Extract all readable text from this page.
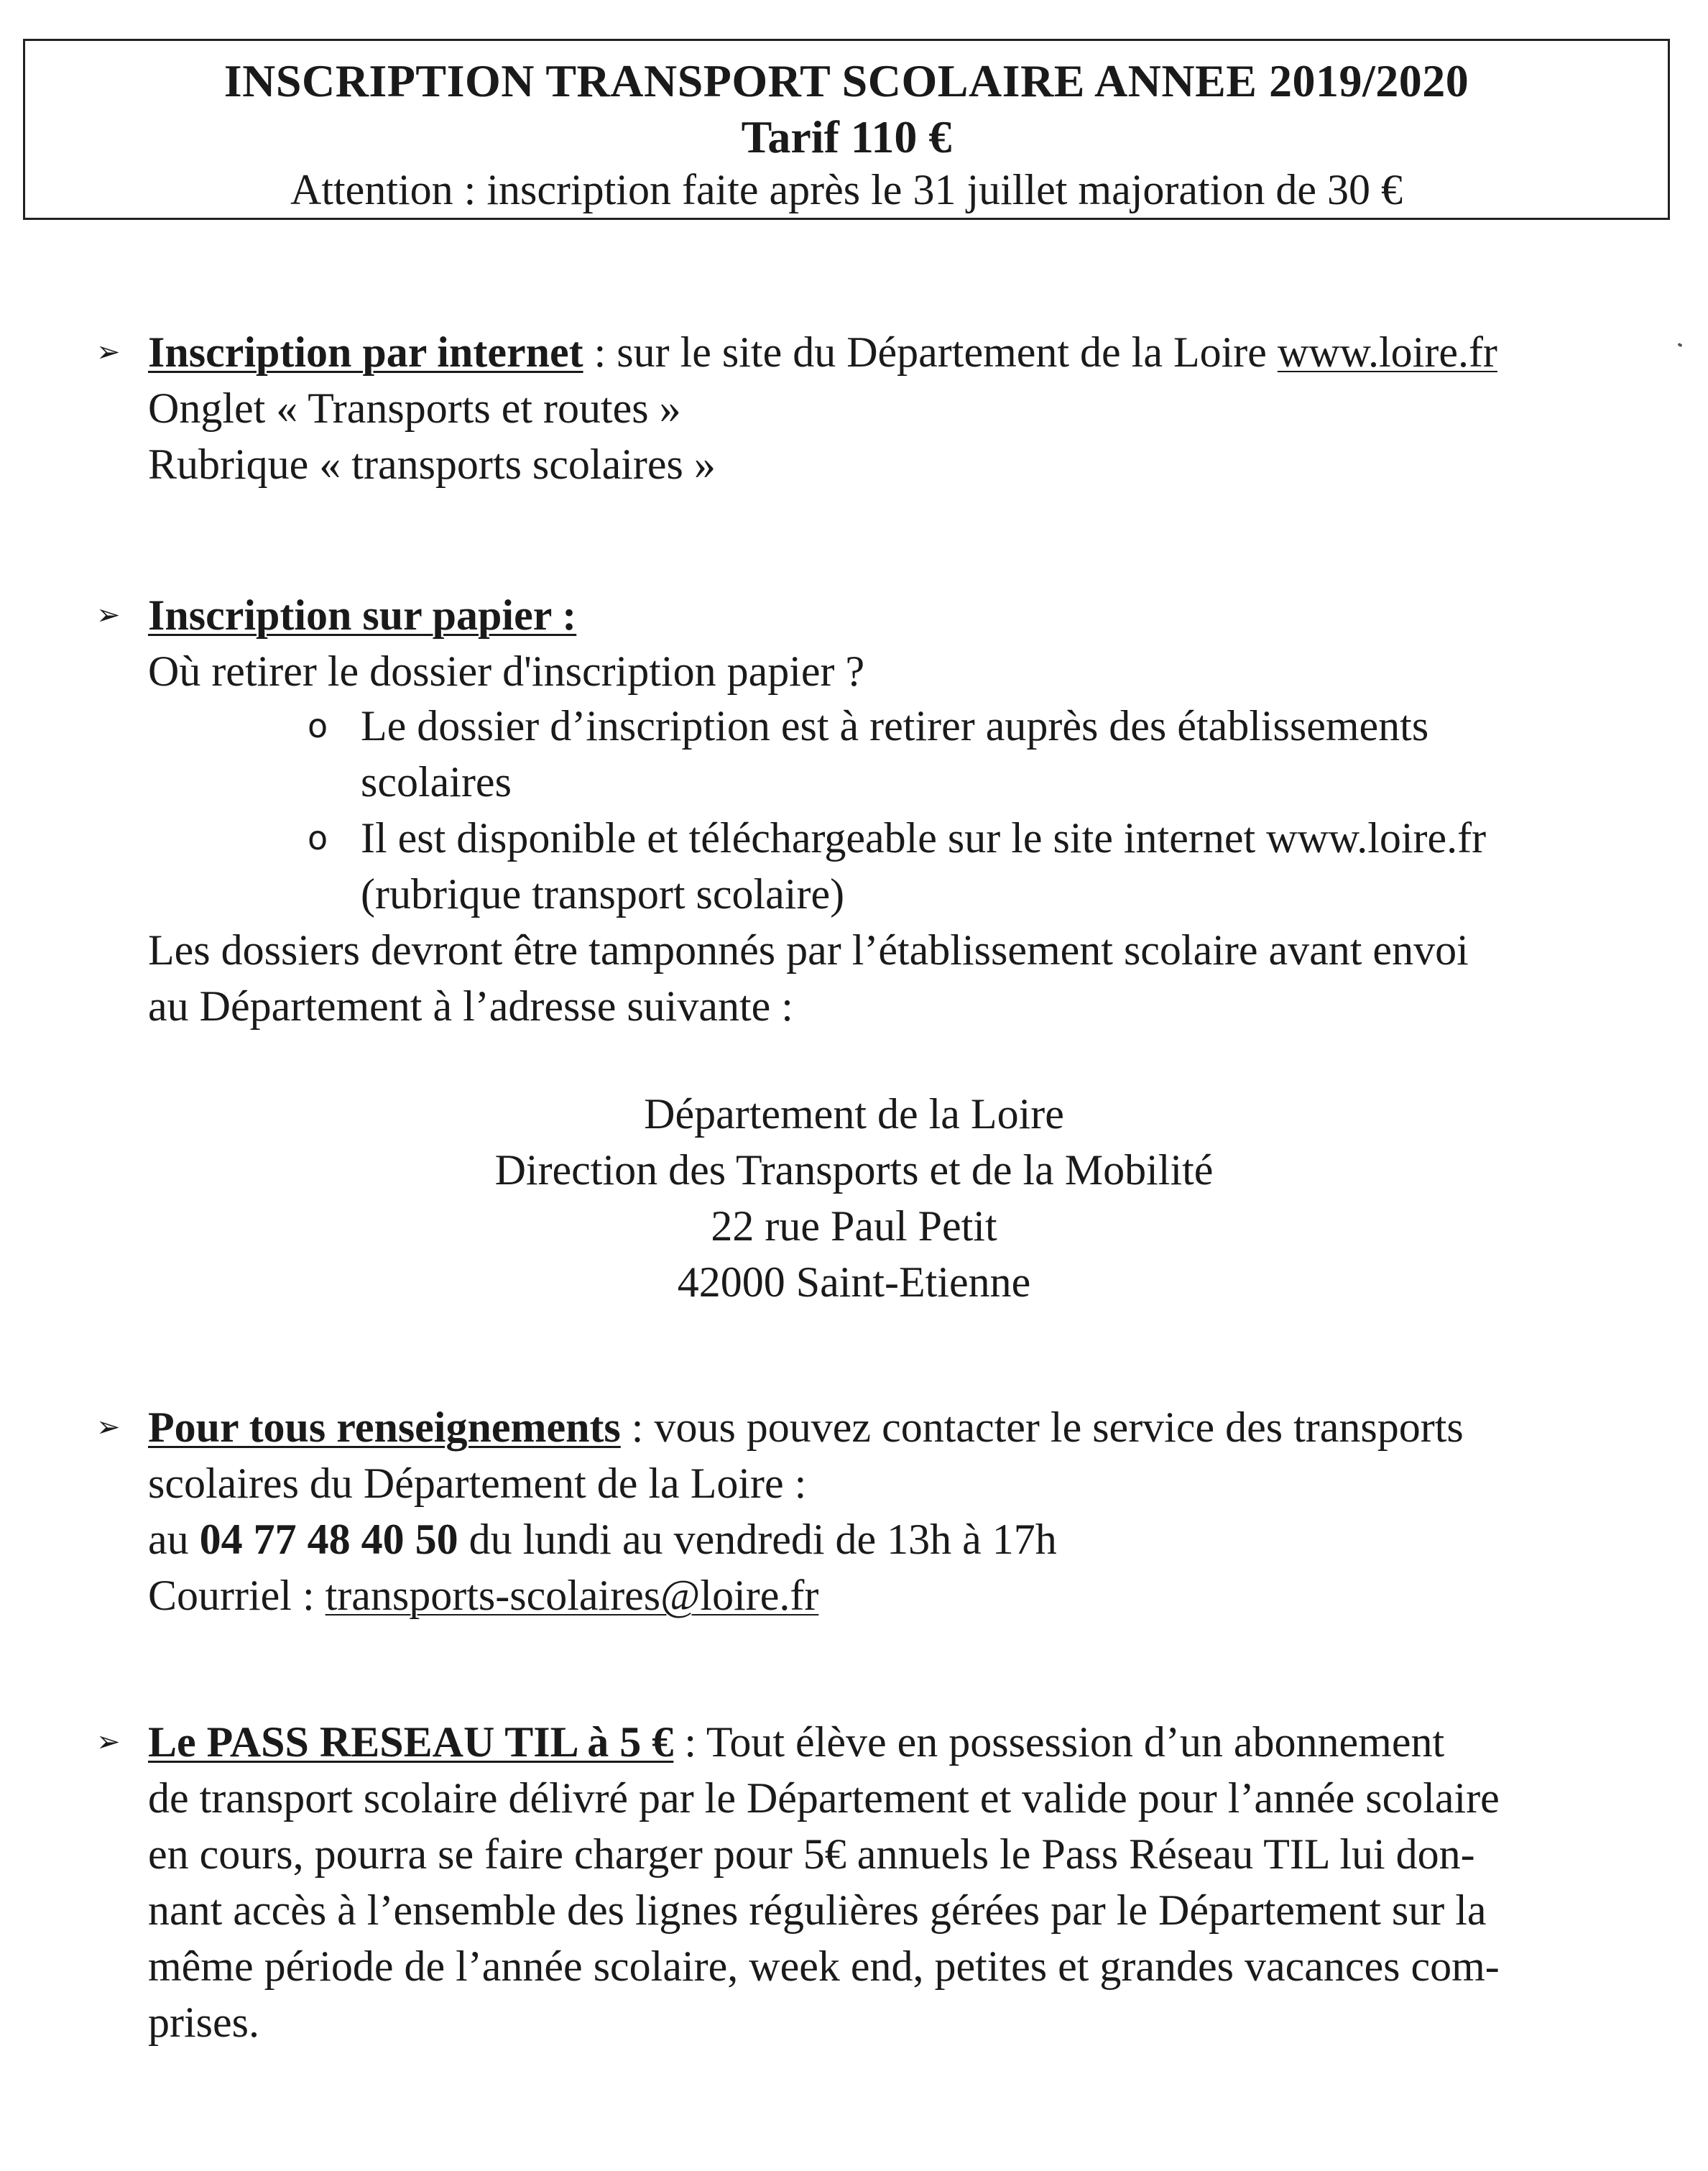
INSCRIPTION TRANSPORT SCOLAIRE ANNEE 2019/2020
Tarif 110 €
Attention : inscription faite après le 31 juillet majoration de 30 €
➢ Inscription par internet : sur le site du Département de la Loire www.loire.fr
Onglet « Transports et routes »
Rubrique « transports scolaires »
➢ Inscription sur papier :
Où retirer le dossier d'inscription papier ?
o Le dossier d’inscription est à retirer auprès des établissements
scolaires
o Il est disponible et téléchargeable sur le site internet www.loire.fr
(rubrique transport scolaire)
Les dossiers devront être tamponnés par l’établissement scolaire avant envoi
au Département à l’adresse suivante :
Département de la Loire
Direction des Transports et de la Mobilité
22 rue Paul Petit
42000 Saint-Etienne
➢ Pour tous renseignements : vous pouvez contacter le service des transports
scolaires du Département de la Loire :
au 04 77 48 40 50 du lundi au vendredi de 13h à 17h
Courriel : transports-scolaires@loire.fr
➢ Le PASS RESEAU TIL à 5 € : Tout élève en possession d’un abonnement
de transport scolaire délivré par le Département et valide pour l’année scolaire
en cours, pourra se faire charger pour 5€ annuels le Pass Réseau TIL lui don-
nant accès à l’ensemble des lignes régulières gérées par le Département sur la
même période de l’année scolaire, week end, petites et grandes vacances com-
prises.
